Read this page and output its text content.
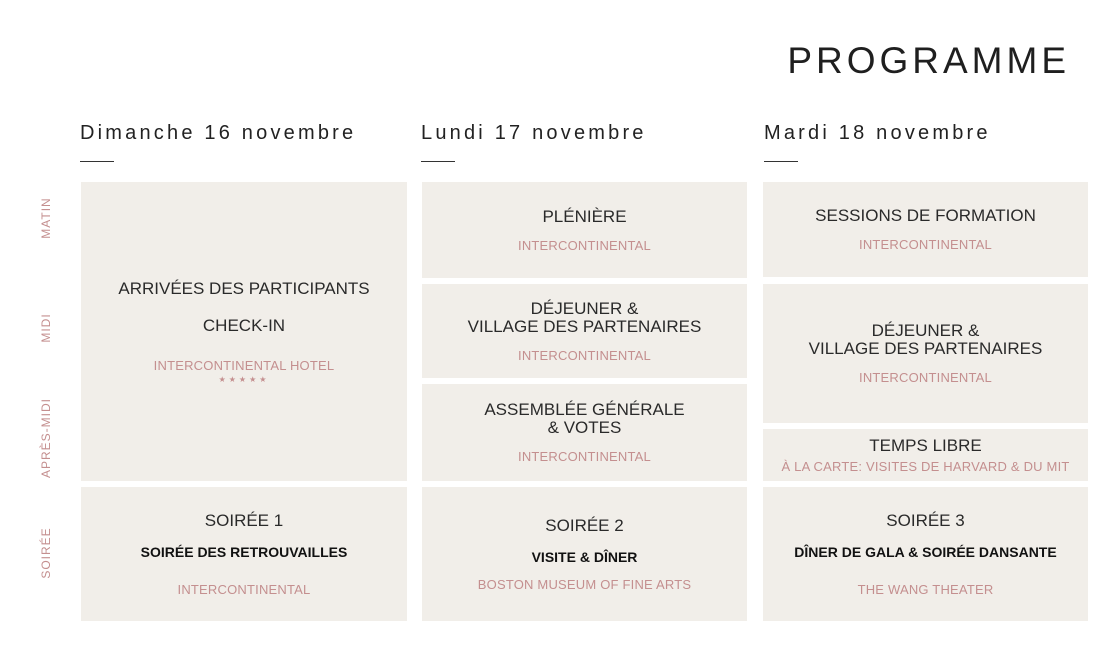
PROGRAMME
Dimanche 16 novembre	Lundi 17 novembre	Mardi 18 novembre
MATIN
MIDI
APRÈS-MIDI
SOIRÉE
ARRIVÉES DES PARTICIPANTS
CHECK-IN
INTERCONTINENTAL HOTEL
★★★★★
SOIRÉE 1
SOIRÉE DES RETROUVAILLES
INTERCONTINENTAL
PLÉNIÈRE
INTERCONTINENTAL
DÉJEUNER &
VILLAGE DES PARTENAIRES
INTERCONTINENTAL
ASSEMBLÉE GÉNÉRALE
& VOTES
INTERCONTINENTAL
SOIRÉE 2
VISITE & DÎNER
BOSTON MUSEUM OF FINE ARTS
SESSIONS DE FORMATION
INTERCONTINENTAL
DÉJEUNER &
VILLAGE DES PARTENAIRES
INTERCONTINENTAL
TEMPS LIBRE
À LA CARTE: VISITES DE HARVARD & DU MIT
SOIRÉE 3
DÎNER DE GALA & SOIRÉE DANSANTE
THE WANG THEATER
